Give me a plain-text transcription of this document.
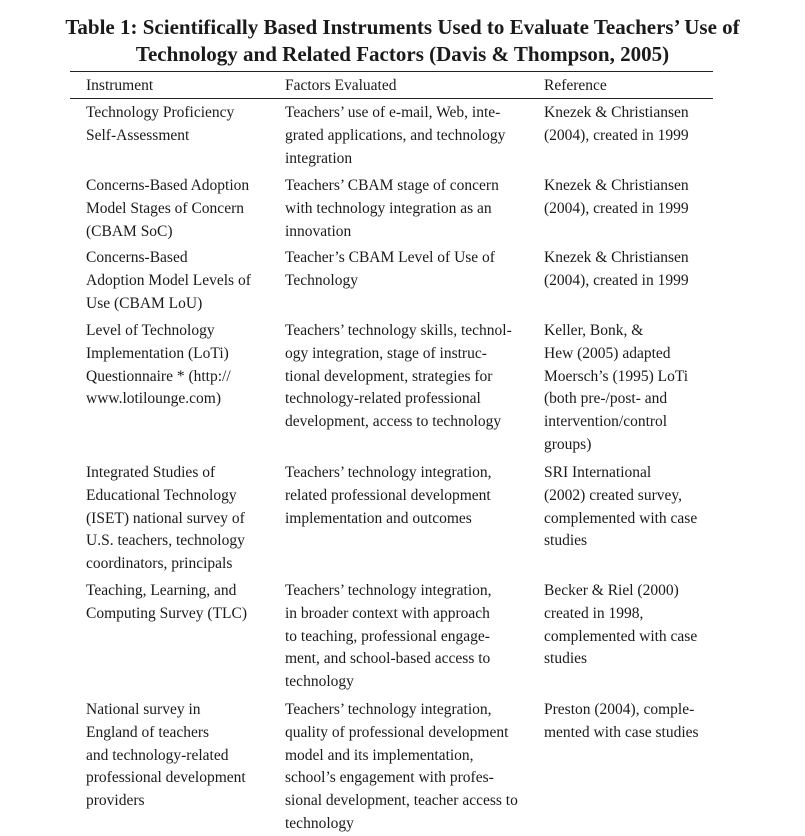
Table 1: Scientifically Based Instruments Used to Evaluate Teachers’ Use of
Technology and Related Factors (Davis & Thompson, 2005)
Instrument	Factors Evaluated	Reference
Technology Proficiency
Self-Assessment
Teachers’ use of e-mail, Web, inte-
grated applications, and technology
integration
Knezek & Christiansen
(2004), created in 1999
Concerns-Based Adoption
Model Stages of Concern
(CBAM SoC)
Teachers’ CBAM stage of concern
with technology integration as an
innovation
Knezek & Christiansen
(2004), created in 1999
Concerns-Based
Adoption Model Levels of
Use (CBAM LoU)
Teacher’s CBAM Level of Use of
Technology
Knezek & Christiansen
(2004), created in 1999
Level of Technology
Implementation (LoTi)
Questionnaire * (http://
www.lotilounge.com)
Teachers’ technology skills, technol-
ogy integration, stage of instruc-
tional development, strategies for
technology-related professional
development, access to technology
Keller, Bonk, &
Hew (2005) adapted
Moersch’s (1995) LoTi
(both pre-/post- and
intervention/control
groups)
Integrated Studies of
Educational Technology
(ISET) national survey of
U.S. teachers, technology
coordinators, principals
Teachers’ technology integration,
related professional development
implementation and outcomes
SRI International
(2002) created survey,
complemented with case
studies
Teaching, Learning, and
Computing Survey (TLC)
Teachers’ technology integration,
in broader context with approach
to teaching, professional engage-
ment, and school-based access to
technology
Becker & Riel (2000)
created in 1998,
complemented with case
studies
National survey in
England of teachers
and technology-related
professional development
providers
Teachers’ technology integration,
quality of professional development
model and its implementation,
school’s engagement with profes-
sional development, teacher access to
technology
Preston (2004), comple-
mented with case studies
